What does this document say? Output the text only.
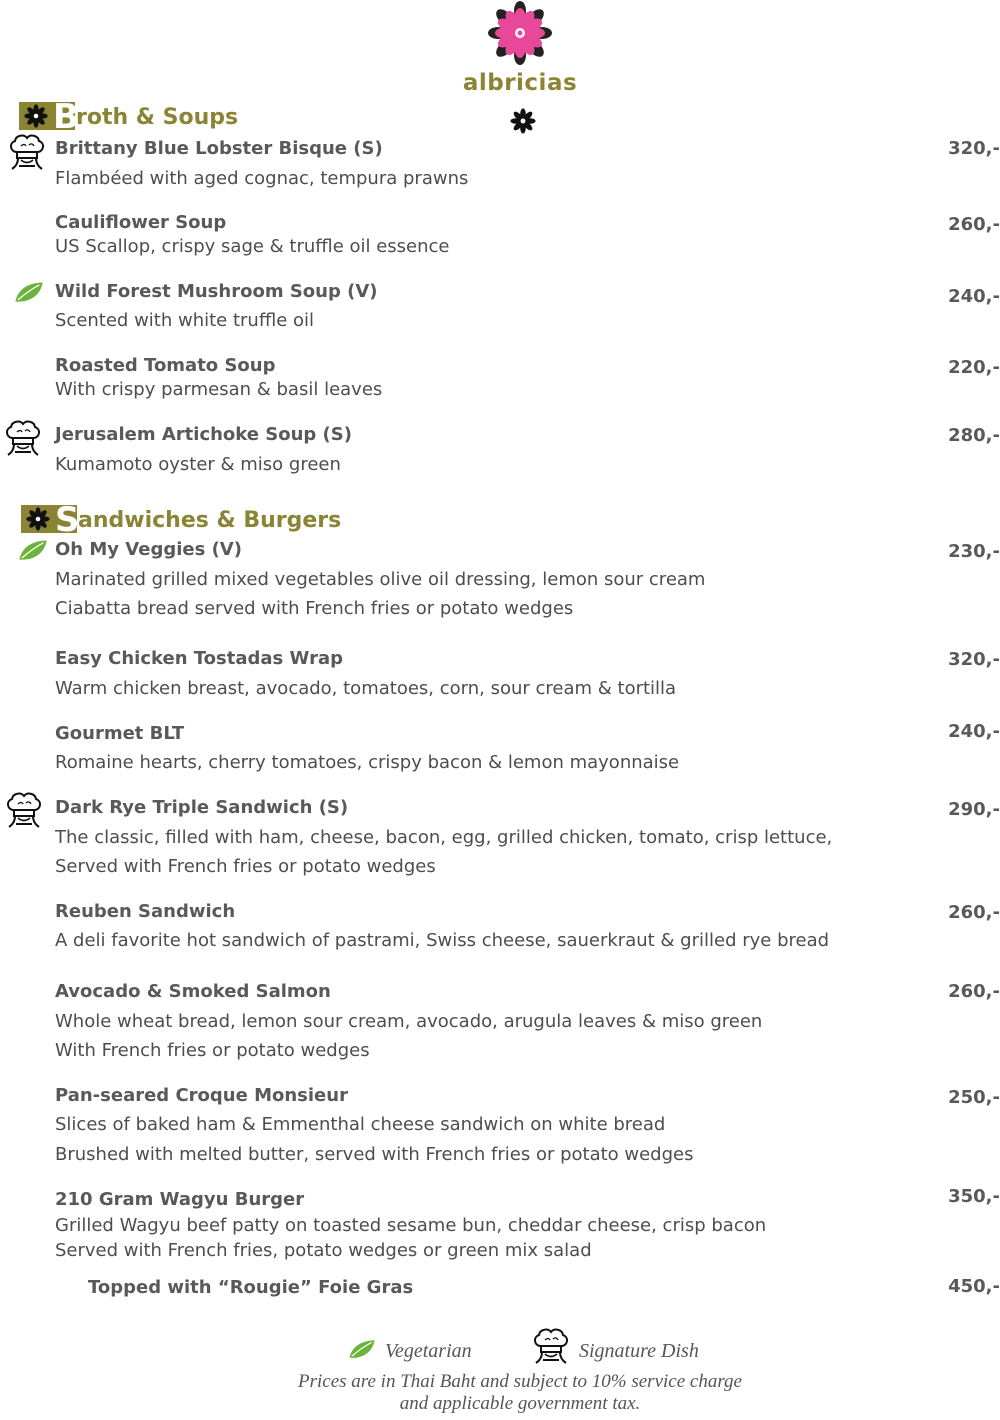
albricias
B
roth & Soups
Brittany Blue Lobster Bisque (S)	320,-
Flambéed with aged cognac, tempura prawns
Cauliflower Soup	260,-
US Scallop, crispy sage & truffle oil essence
Wild Forest Mushroom Soup (V)	240,-
Scented with white truffle oil
Roasted Tomato Soup	220,-
With crispy parmesan & basil leaves
Jerusalem Artichoke Soup (S)	280,-
Kumamoto oyster & miso green
S
andwiches & Burgers
Oh My Veggies (V)	230,-
Marinated grilled mixed vegetables olive oil dressing, lemon sour cream
Ciabatta bread served with French fries or potato wedges
Easy Chicken Tostadas Wrap	320,-
Warm chicken breast, avocado, tomatoes, corn, sour cream & tortilla
Gourmet BLT	240,-
Romaine hearts, cherry tomatoes, crispy bacon & lemon mayonnaise
Dark Rye Triple Sandwich (S)	290,-
The classic, filled with ham, cheese, bacon, egg, grilled chicken, tomato, crisp lettuce,
Served with French fries or potato wedges
Reuben Sandwich	260,-
A deli favorite hot sandwich of pastrami, Swiss cheese, sauerkraut & grilled rye bread
Avocado & Smoked Salmon	260,-
Whole wheat bread, lemon sour cream, avocado, arugula leaves & miso green
With French fries or potato wedges
Pan-seared Croque Monsieur	250,-
Slices of baked ham & Emmenthal cheese sandwich on white bread
Brushed with melted butter, served with French fries or potato wedges
210 Gram Wagyu Burger	350,-
Grilled Wagyu beef patty on toasted sesame bun, cheddar cheese, crisp bacon
Served with French fries, potato wedges or green mix salad
Topped with “Rougie” Foie Gras	450,-
Vegetarian	Signature Dish
Prices are in Thai Baht and subject to 10% service charge
and applicable government tax.
